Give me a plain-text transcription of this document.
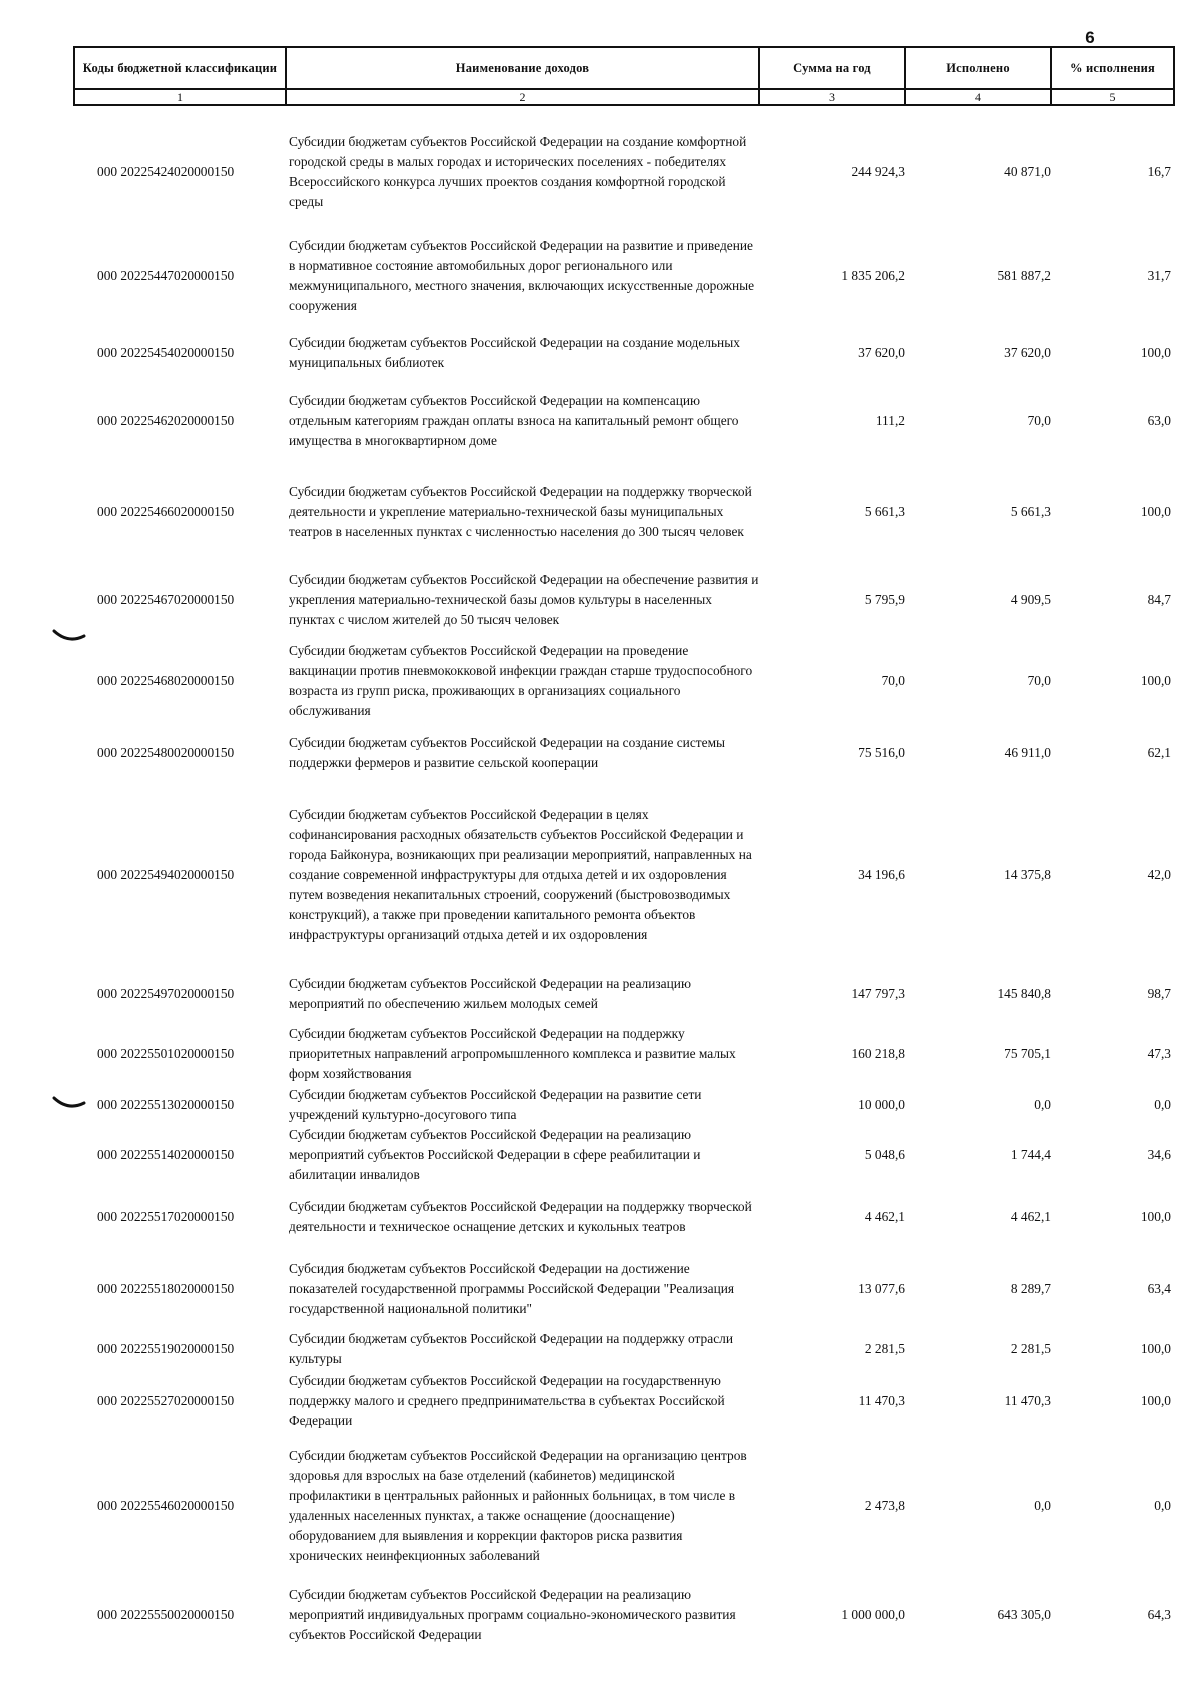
6
Коды бюджетной классификации	Наименование доходов	Сумма на год	Исполнено	% исполнения
1	2	3	4	5
000 20225424020000150	Субсидии бюджетам субъектов Российской Федерации на создание комфортной городской среды в малых городах и исторических поселениях - победителях Всероссийского конкурса лучших проектов создания комфортной городской среды	244 924,3	40 871,0	16,7
000 20225447020000150	Субсидии бюджетам субъектов Российской Федерации на развитие и приведение в нормативное состояние автомобильных дорог регионального или межмуниципального, местного значения, включающих искусственные дорожные сооружения	1 835 206,2	581 887,2	31,7
000 20225454020000150	Субсидии бюджетам субъектов Российской Федерации на создание модельных муниципальных библиотек	37 620,0	37 620,0	100,0
000 20225462020000150	Субсидии бюджетам субъектов Российской Федерации на компенсацию отдельным категориям граждан оплаты взноса на капитальный ремонт общего имущества в многоквартирном доме	111,2	70,0	63,0
000 20225466020000150	Субсидии бюджетам субъектов Российской Федерации на поддержку творческой деятельности и укрепление материально-технической базы муниципальных театров в населенных пунктах с численностью населения до 300 тысяч человек	5 661,3	5 661,3	100,0
000 20225467020000150	Субсидии бюджетам субъектов Российской Федерации на обеспечение развития и укрепления материально-технической базы домов культуры в населенных пунктах с числом жителей до 50 тысяч человек	5 795,9	4 909,5	84,7
000 20225468020000150	Субсидии бюджетам субъектов Российской Федерации на проведение вакцинации против пневмококковой инфекции граждан старше трудоспособного возраста из групп риска, проживающих в организациях социального обслуживания	70,0	70,0	100,0
000 20225480020000150	Субсидии бюджетам субъектов Российской Федерации на создание системы поддержки фермеров и развитие сельской кооперации	75 516,0	46 911,0	62,1
000 20225494020000150	Субсидии бюджетам субъектов Российской Федерации в целях софинансирования расходных обязательств субъектов Российской Федерации и города Байконура, возникающих при реализации мероприятий, направленных на создание современной инфраструктуры для отдыха детей и их оздоровления путем возведения некапитальных строений, сооружений (быстровозводимых конструкций), а также при проведении капитального ремонта объектов инфраструктуры организаций отдыха детей и их оздоровления	34 196,6	14 375,8	42,0
000 20225497020000150	Субсидии бюджетам субъектов Российской Федерации на реализацию мероприятий по обеспечению жильем молодых семей	147 797,3	145 840,8	98,7
000 20225501020000150	Субсидии бюджетам субъектов Российской Федерации на поддержку приоритетных направлений агропромышленного комплекса и развитие малых форм хозяйствования	160 218,8	75 705,1	47,3
000 20225513020000150	Субсидии бюджетам субъектов Российской Федерации на развитие сети учреждений культурно-досугового типа	10 000,0	0,0	0,0
000 20225514020000150	Субсидии бюджетам субъектов Российской Федерации на реализацию мероприятий субъектов Российской Федерации в сфере реабилитации и абилитации инвалидов	5 048,6	1 744,4	34,6
000 20225517020000150	Субсидии бюджетам субъектов Российской Федерации на поддержку творческой деятельности и техническое оснащение детских и кукольных театров	4 462,1	4 462,1	100,0
000 20225518020000150	Субсидия бюджетам субъектов Российской Федерации на достижение показателей государственной программы Российской Федерации "Реализация государственной национальной политики"	13 077,6	8 289,7	63,4
000 20225519020000150	Субсидии бюджетам субъектов Российской Федерации на поддержку отрасли культуры	2 281,5	2 281,5	100,0
000 20225527020000150	Субсидии бюджетам субъектов Российской Федерации на государственную поддержку малого и среднего предпринимательства в субъектах Российской Федерации	11 470,3	11 470,3	100,0
000 20225546020000150	Субсидии бюджетам субъектов Российской Федерации на организацию центров здоровья для взрослых на базе отделений (кабинетов) медицинской профилактики в центральных районных и районных больницах, в том числе в удаленных населенных пунктах, а также оснащение (дооснащение) оборудованием для выявления и коррекции факторов риска развития хронических неинфекционных заболеваний	2 473,8	0,0	0,0
000 20225550020000150	Субсидии бюджетам субъектов Российской Федерации на реализацию мероприятий индивидуальных программ социально-экономического развития субъектов Российской Федерации	1 000 000,0	643 305,0	64,3
